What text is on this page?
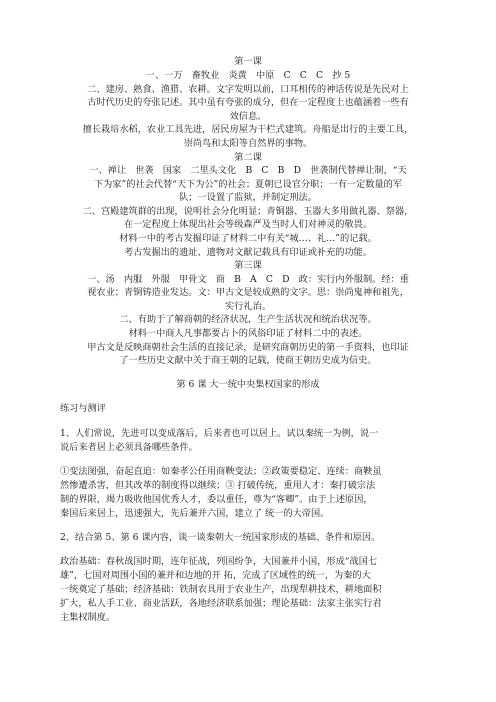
第一课
一、一万　畜牧业　炎黄　中原　C　C　C　抄 5
二、建房、熟食、渔猎、农耕。文字发明以前，口耳相传的神话传说是先民对上
古时代历史的夸张记述。其中虽有夸张的成分，但在一定程度上也蕴涵着一些有
效信息。
擅长栽培水稻，农业工具先进，居民房屋为干栏式建筑。舟船是出行的主要工具，
崇尚鸟和太阳等自然界的事物。
第二课
一、禅让　世袭　国家　二里头文化　B　C　B　D　世袭制代替禅让制，“天
下为家”的社会代替“天下为公”的社会；夏朝已设官分职；一有一定数量的军
队；一设置了监狱，并制定刑法。
二、宫殿建筑群的出现，说明社会分化明显；青铜器、玉器大多用做礼器、祭器，
在一定程度上体现出社会等级森严及当时人们对神灵的敬畏。
材料一中的考古发掘印证了材料二中有关“城…、礼…”的记载。
考古发掘出的遗址、遗物对文献记载具有印证或补充的功能。
第三课
一、汤　内服　外服　甲骨文　商　B　A　C　D　政：实行内外服制。经：重
视农业；青铜铸造业发达。文：甲古文是较成熟的文字。思：崇尚鬼神和祖先，
实行礼治。
二、有助于了解商朝的经济状况，生产生活状况和统治状况等。
材料一中商人凡事都要占卜的风俗印证了材料二中的表述。
甲古文是反映商朝社会生活的直接记录，是研究商朝历史的第一手资料，也印证
了一些历史文献中关于商王朝的记载，使商王朝历史成为信史。
第 6 课 大一统中央集权国家的形成
练习与测评
1、人们常说，先进可以变成落后，后来者也可以居上。试以秦统一为例，说一
说后来者居上必须具备哪些条件。
①变法图强，奋起直追：如秦孝公任用商鞅变法；②政策要稳定、连续：商鞅虽
然惨遭杀害，但其改革的制度得以继续；③ 打破传统，重用人才：秦打破宗法
制的界限，竭力吸收他国优秀人才，委以重任，尊为“客卿”。由于上述原因，
秦国后来居上，迅速强大，先后兼并六国，建立了 统一的大帝国。
2、结合第 5、第 6 课内容，谈一谈秦朝大一统国家形成的基础、条件和原因。
政治基础：春秋战国时期，连年征战，列国纷争，大国兼并小国，形成“战国七
雄”，七国对周围小国的兼并和边地的开 拓，完成了区域性的统一，为秦的大
一统奠定了基础；经济基础：铁制农具用于农业生产，出现犁耕技术，耕地面积
扩大，私人手工业、商业活跃，各地经济联系加强；理论基础：法家主张实行君
主集权制度。
